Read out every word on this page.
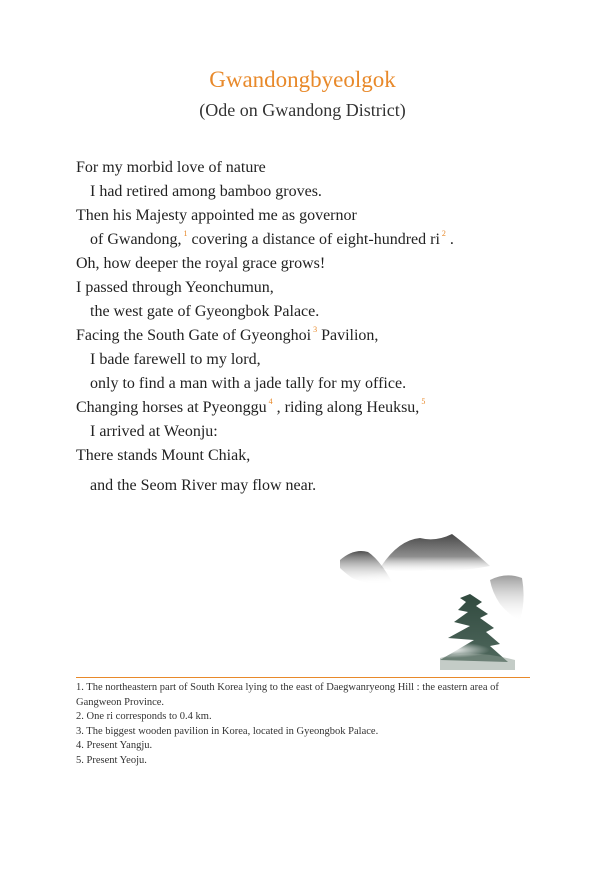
Gwandongbyeolgok
(Ode on Gwandong District)
For my morbid love of nature
I had retired among bamboo groves.
Then his Majesty appointed me as governor
of Gwandong, $^1$ covering a distance of eight-hundred ri $^2$ .
Oh, how deeper the royal grace grows!
I passed through Yeonchumun,
the west gate of Gyeongbok Palace.
Facing the South Gate of Gyeonghoi $^3$ Pavilion,
I bade farewell to my lord,
only to find a man with a jade tally for my office.
Changing horses at Pyeonggu $^4$ , riding along Heuksu, $^5$
I arrived at Weonju:
There stands Mount Chiak,
and the Seom River may flow near.
1. The northeastern part of South Korea lying to the east of Daegwanryeong Hill : the eastern area of Gangweon Province.
2. One ri corresponds to 0.4 km.
3. The biggest wooden pavilion in Korea, located in Gyeongbok Palace.
4. Present Yangju.
5. Present Yeoju.
